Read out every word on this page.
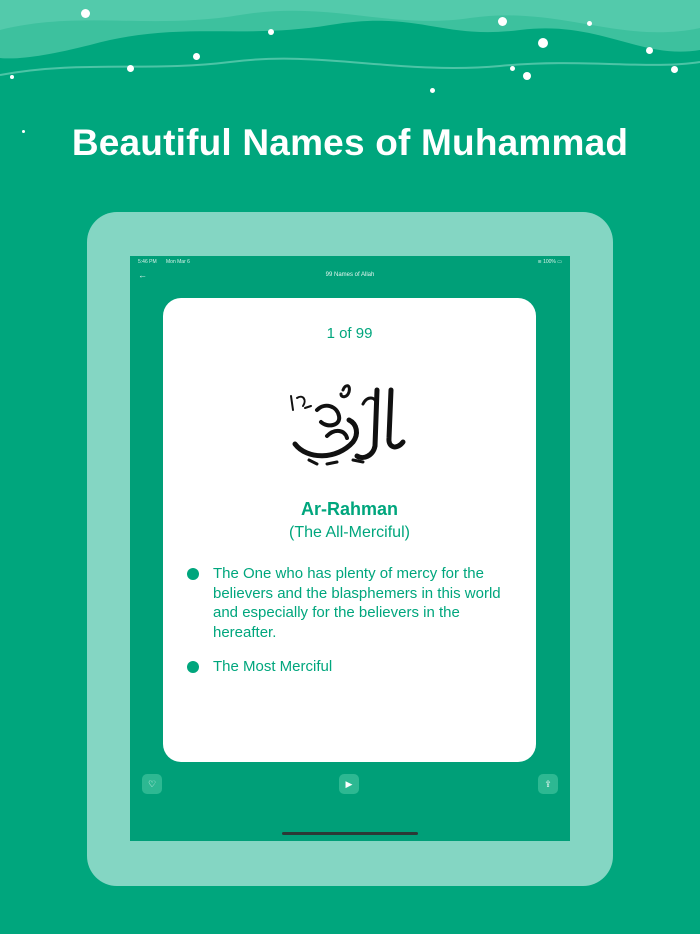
Beautiful Names of Muhammad
5:46 PM Mon Mar 6	≋ 100% ▭
←	99 Names of Allah
1 of 99
Ar-Rahman
(The All-Merciful)
The One who has plenty of mercy for the believers and the blasphemers in this world and especially for the believers in the hereafter.
The Most Merciful
♡	▶	⇪
